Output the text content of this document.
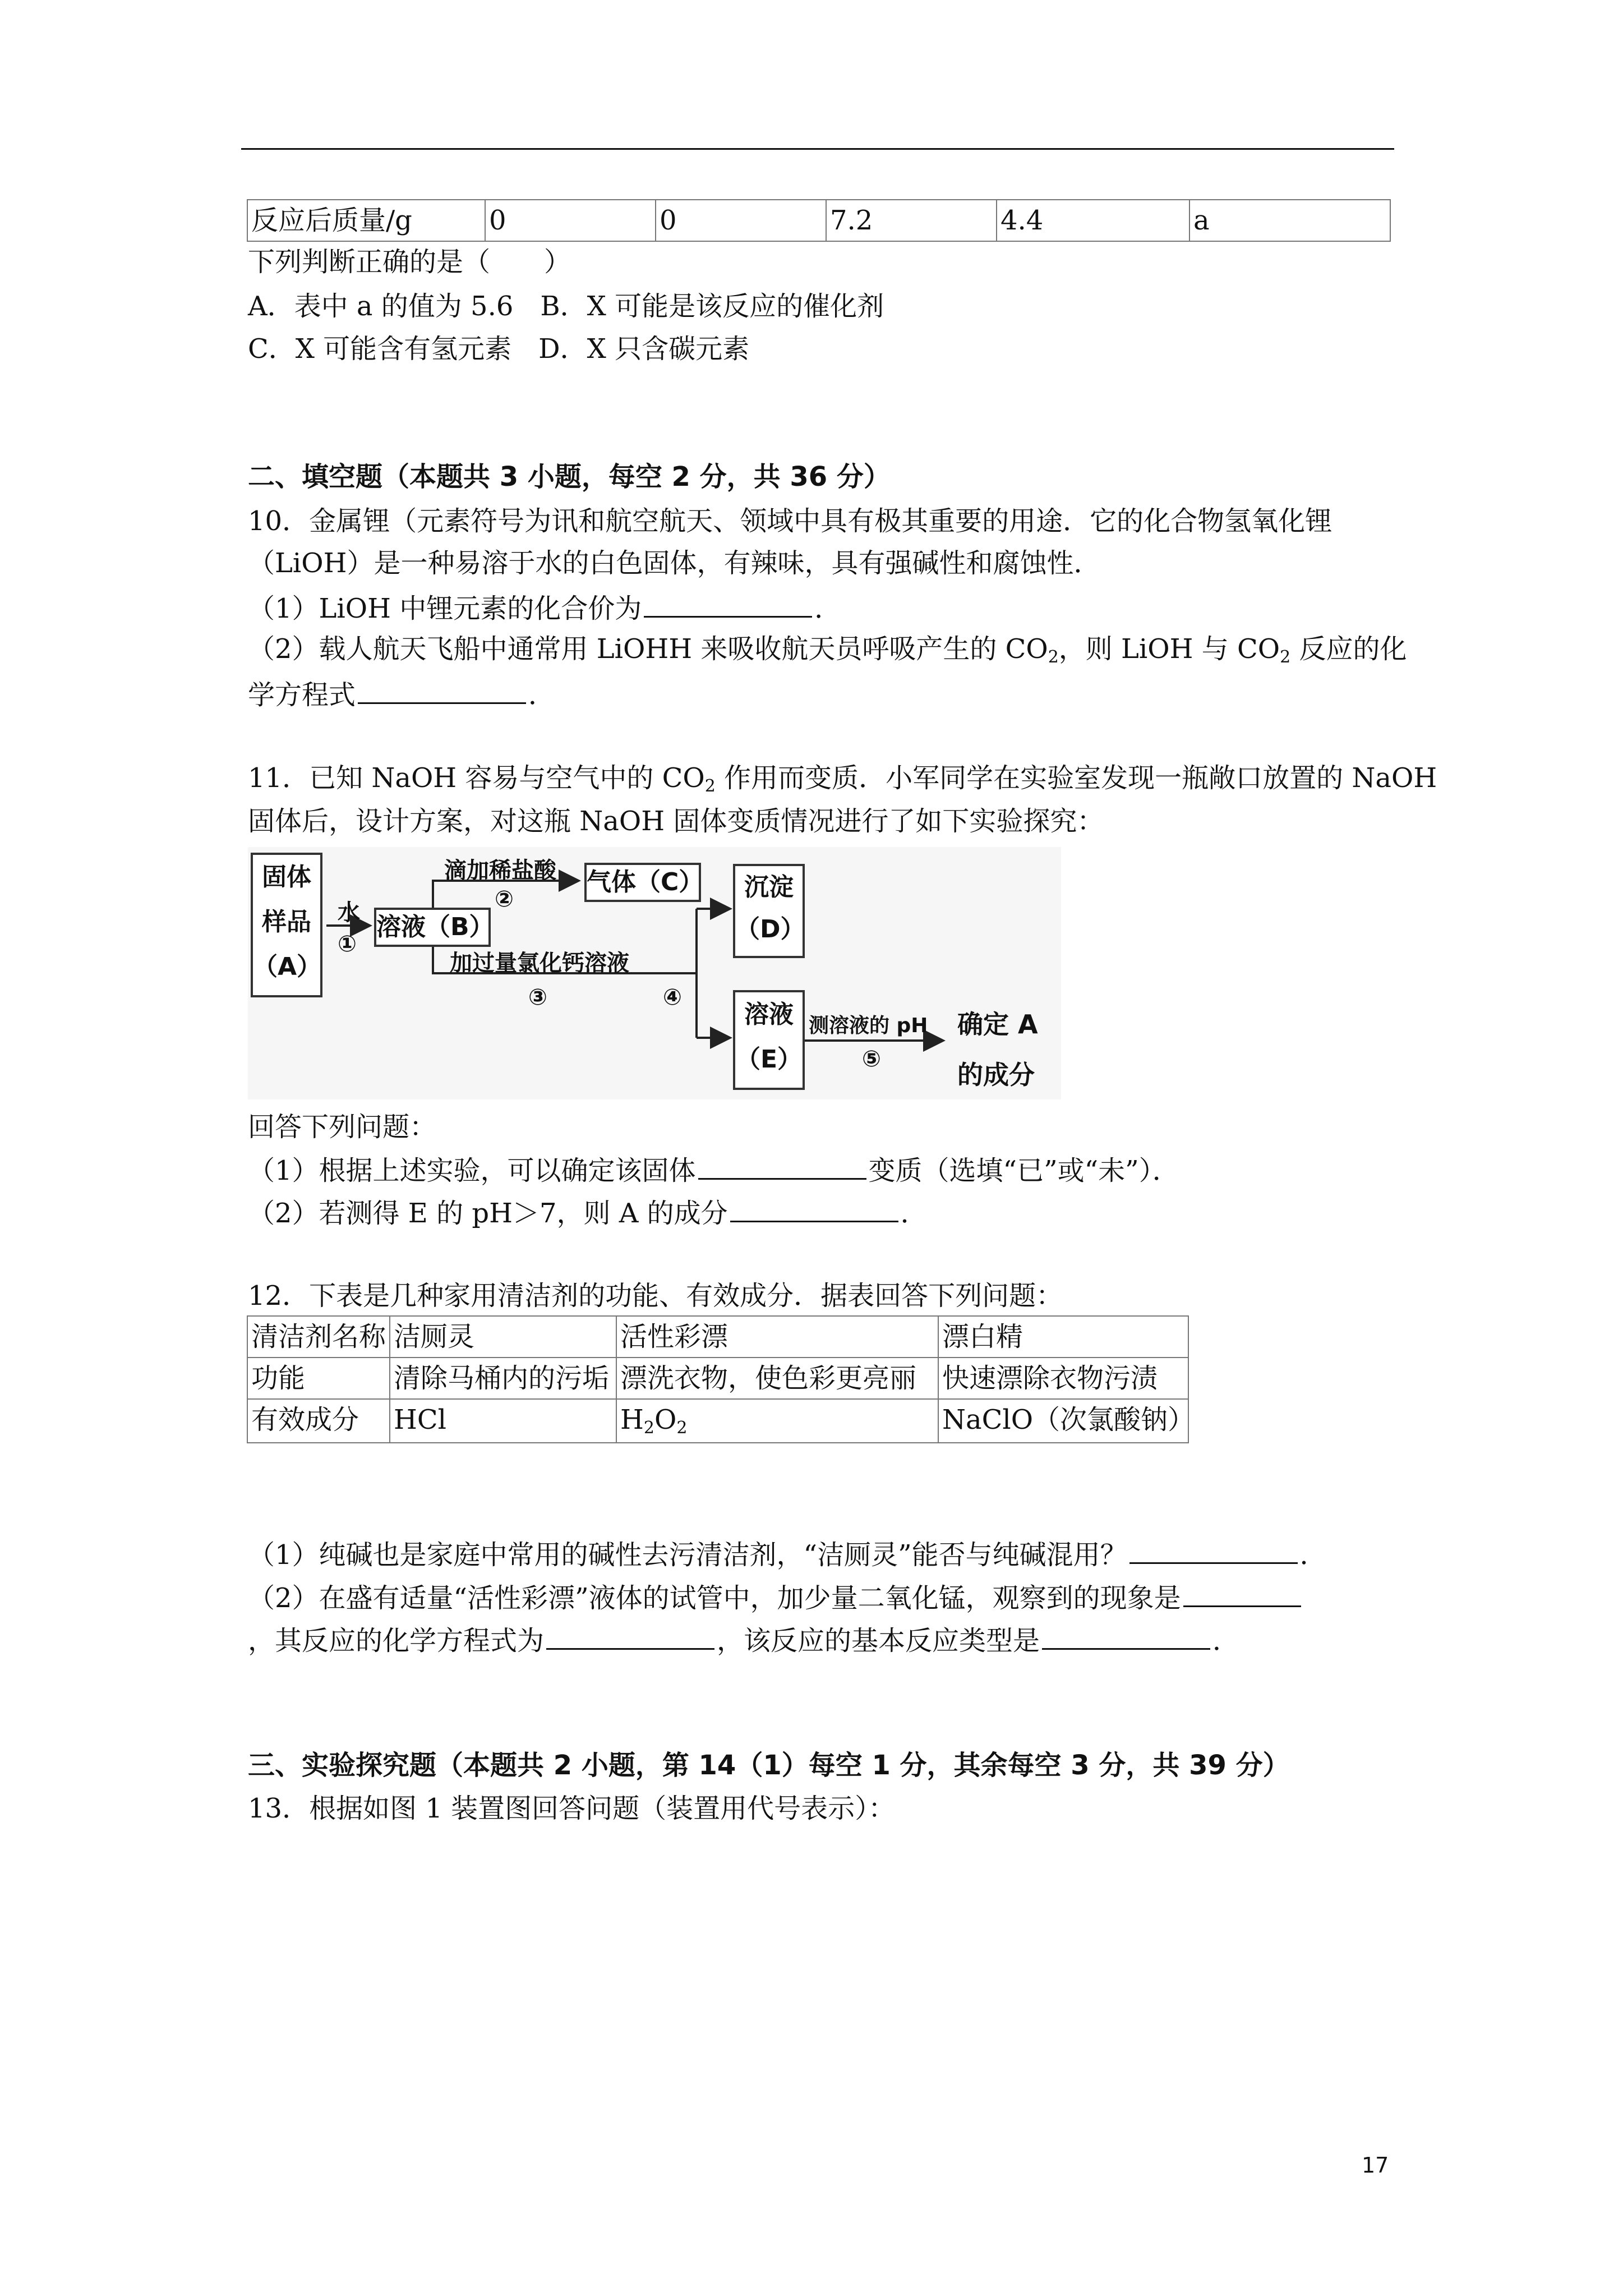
反应后质量/g	0	0	7.2	4.4	a
下列判断正确的是（　　）
A．表中 a 的值为 5.6　B．X 可能是该反应的催化剂
C．X 可能含有氢元素　D．X 只含碳元素
二、填空题（本题共 3 小题，每空 2 分，共 36 分）
10．金属锂（元素符号为讯和航空航天、领域中具有极其重要的用途．它的化合物氢氧化锂
（LiOH）是一种易溶于水的白色固体，有辣味，具有强碱性和腐蚀性．
（1）LiOH 中锂元素的化合价为	．
（2）载人航天飞船中通常用 LiOHH 来吸收航天员呼吸产生的 $CO_2$，则 LiOH 与 $CO_2$ 反应的化
学方程式	．
11．已知 NaOH 容易与空气中的 $CO_2$ 作用而变质．小军同学在实验室发现一瓶敞口放置的 NaOH
固体后，设计方案，对这瓶 NaOH 固体变质情况进行了如下实验探究：
固体
样品
（A）
水
①
溶液（B）
滴加稀盐酸
②
气体（C）
加过量氯化钙溶液
③	④
沉淀
（D）
溶液
（E）
测溶液的 pH
⑤
确定 A
的成分
回答下列问题：
（1）根据上述实验，可以确定该固体	变质（选填“已”或“未”）．
（2）若测得 E 的 pH＞7，则 A 的成分	．
12．下表是几种家用清洁剂的功能、有效成分．据表回答下列问题：
清洁剂名称	洁厕灵	活性彩漂	漂白精
功能	清除马桶内的污垢	漂洗衣物，使色彩更亮丽	快速漂除衣物污渍
有效成分	HCl	$H_2O_2$	NaClO（次氯酸钠）
（1）纯碱也是家庭中常用的碱性去污清洁剂，“洁厕灵”能否与纯碱混用？	．
（2）在盛有适量“活性彩漂”液体的试管中，加少量二氧化锰，观察到的现象是
，其反应的化学方程式为	，该反应的基本反应类型是	．
三、实验探究题（本题共 2 小题，第 14（1）每空 1 分，其余每空 3 分，共 39 分）
13．根据如图 1 装置图回答问题（装置用代号表示）：
17
